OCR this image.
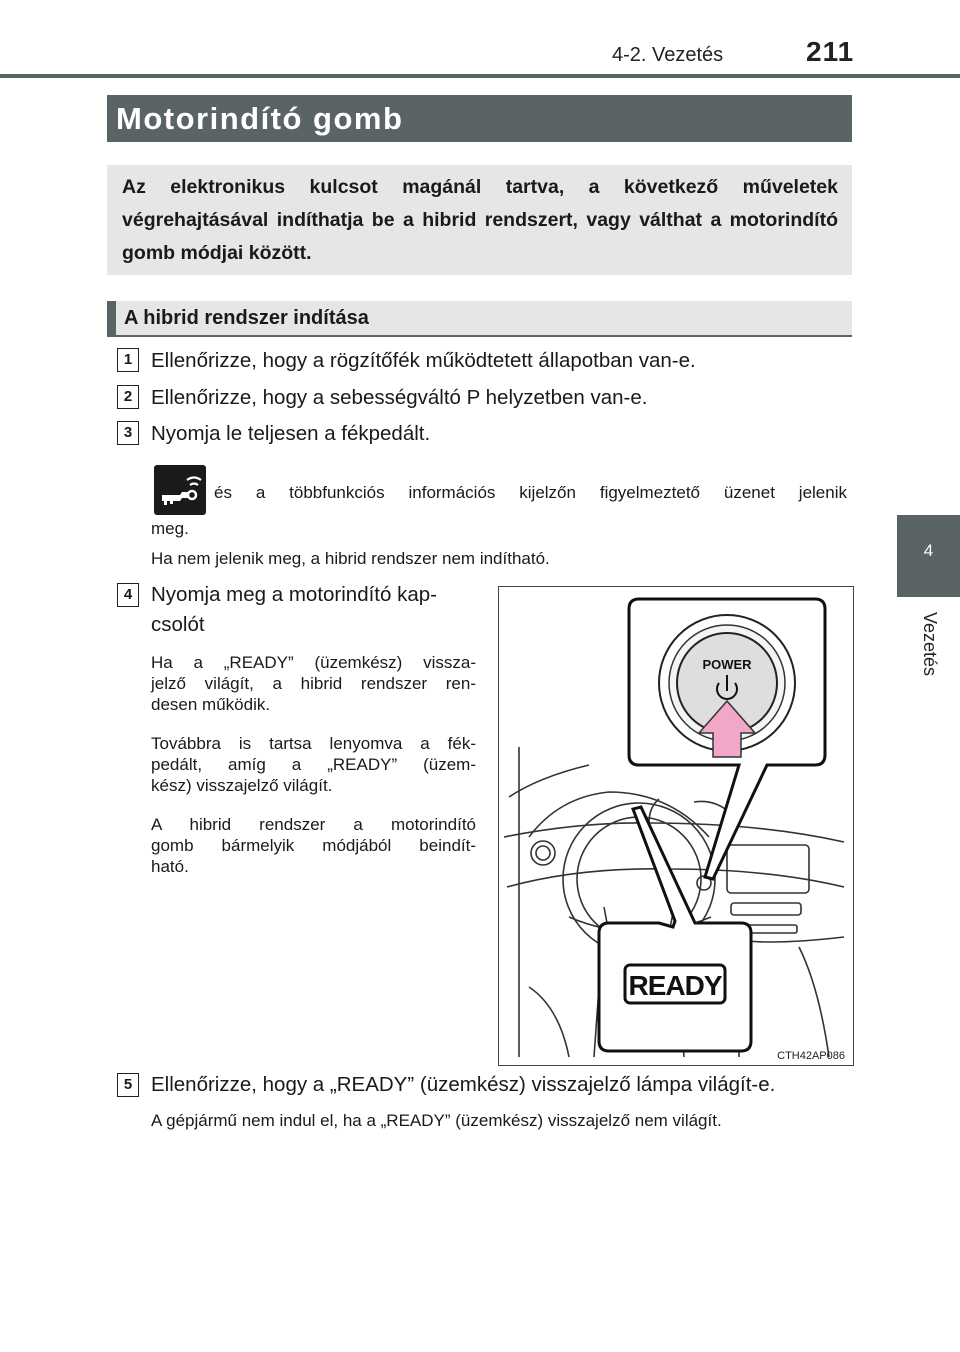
4-2. Vezetés	211
4
Vezetés
Motorindító gomb
Az elektronikus kulcsot magánál tartva, a következő műveletek végrehajtásával indíthatja be a hibrid rendszert, vagy válthat a motorindító gomb módjai között.
A hibrid rendszer indítása
1 Ellenőrizze, hogy a rögzítőfék működtetett állapotban van-e.
2 Ellenőrizze, hogy a sebességváltó P helyzetben van-e.
3 Nyomja le teljesen a fékpedált.
és a többfunkciós információs kijelzőn figyelmeztető üzenet jelenik
meg.
Ha nem jelenik meg, a hibrid rendszer nem indítható.
4 Nyomja meg a motorindító kap-
csolót
Ha a „READY” (üzemkész) vissza-
jelző világít, a hibrid rendszer ren-
desen működik.
Továbbra is tartsa lenyomva a fék-
pedált, amíg a „READY” (üzem-
kész) visszajelző világít.
A hibrid rendszer a motorindító
gomb bármelyik módjából beindít-
ható.
POWER
READY
CTH42AP086
5 Ellenőrizze, hogy a „READY” (üzemkész) visszajelző lámpa világít-e.
A gépjármű nem indul el, ha a „READY” (üzemkész) visszajelző nem világít.
